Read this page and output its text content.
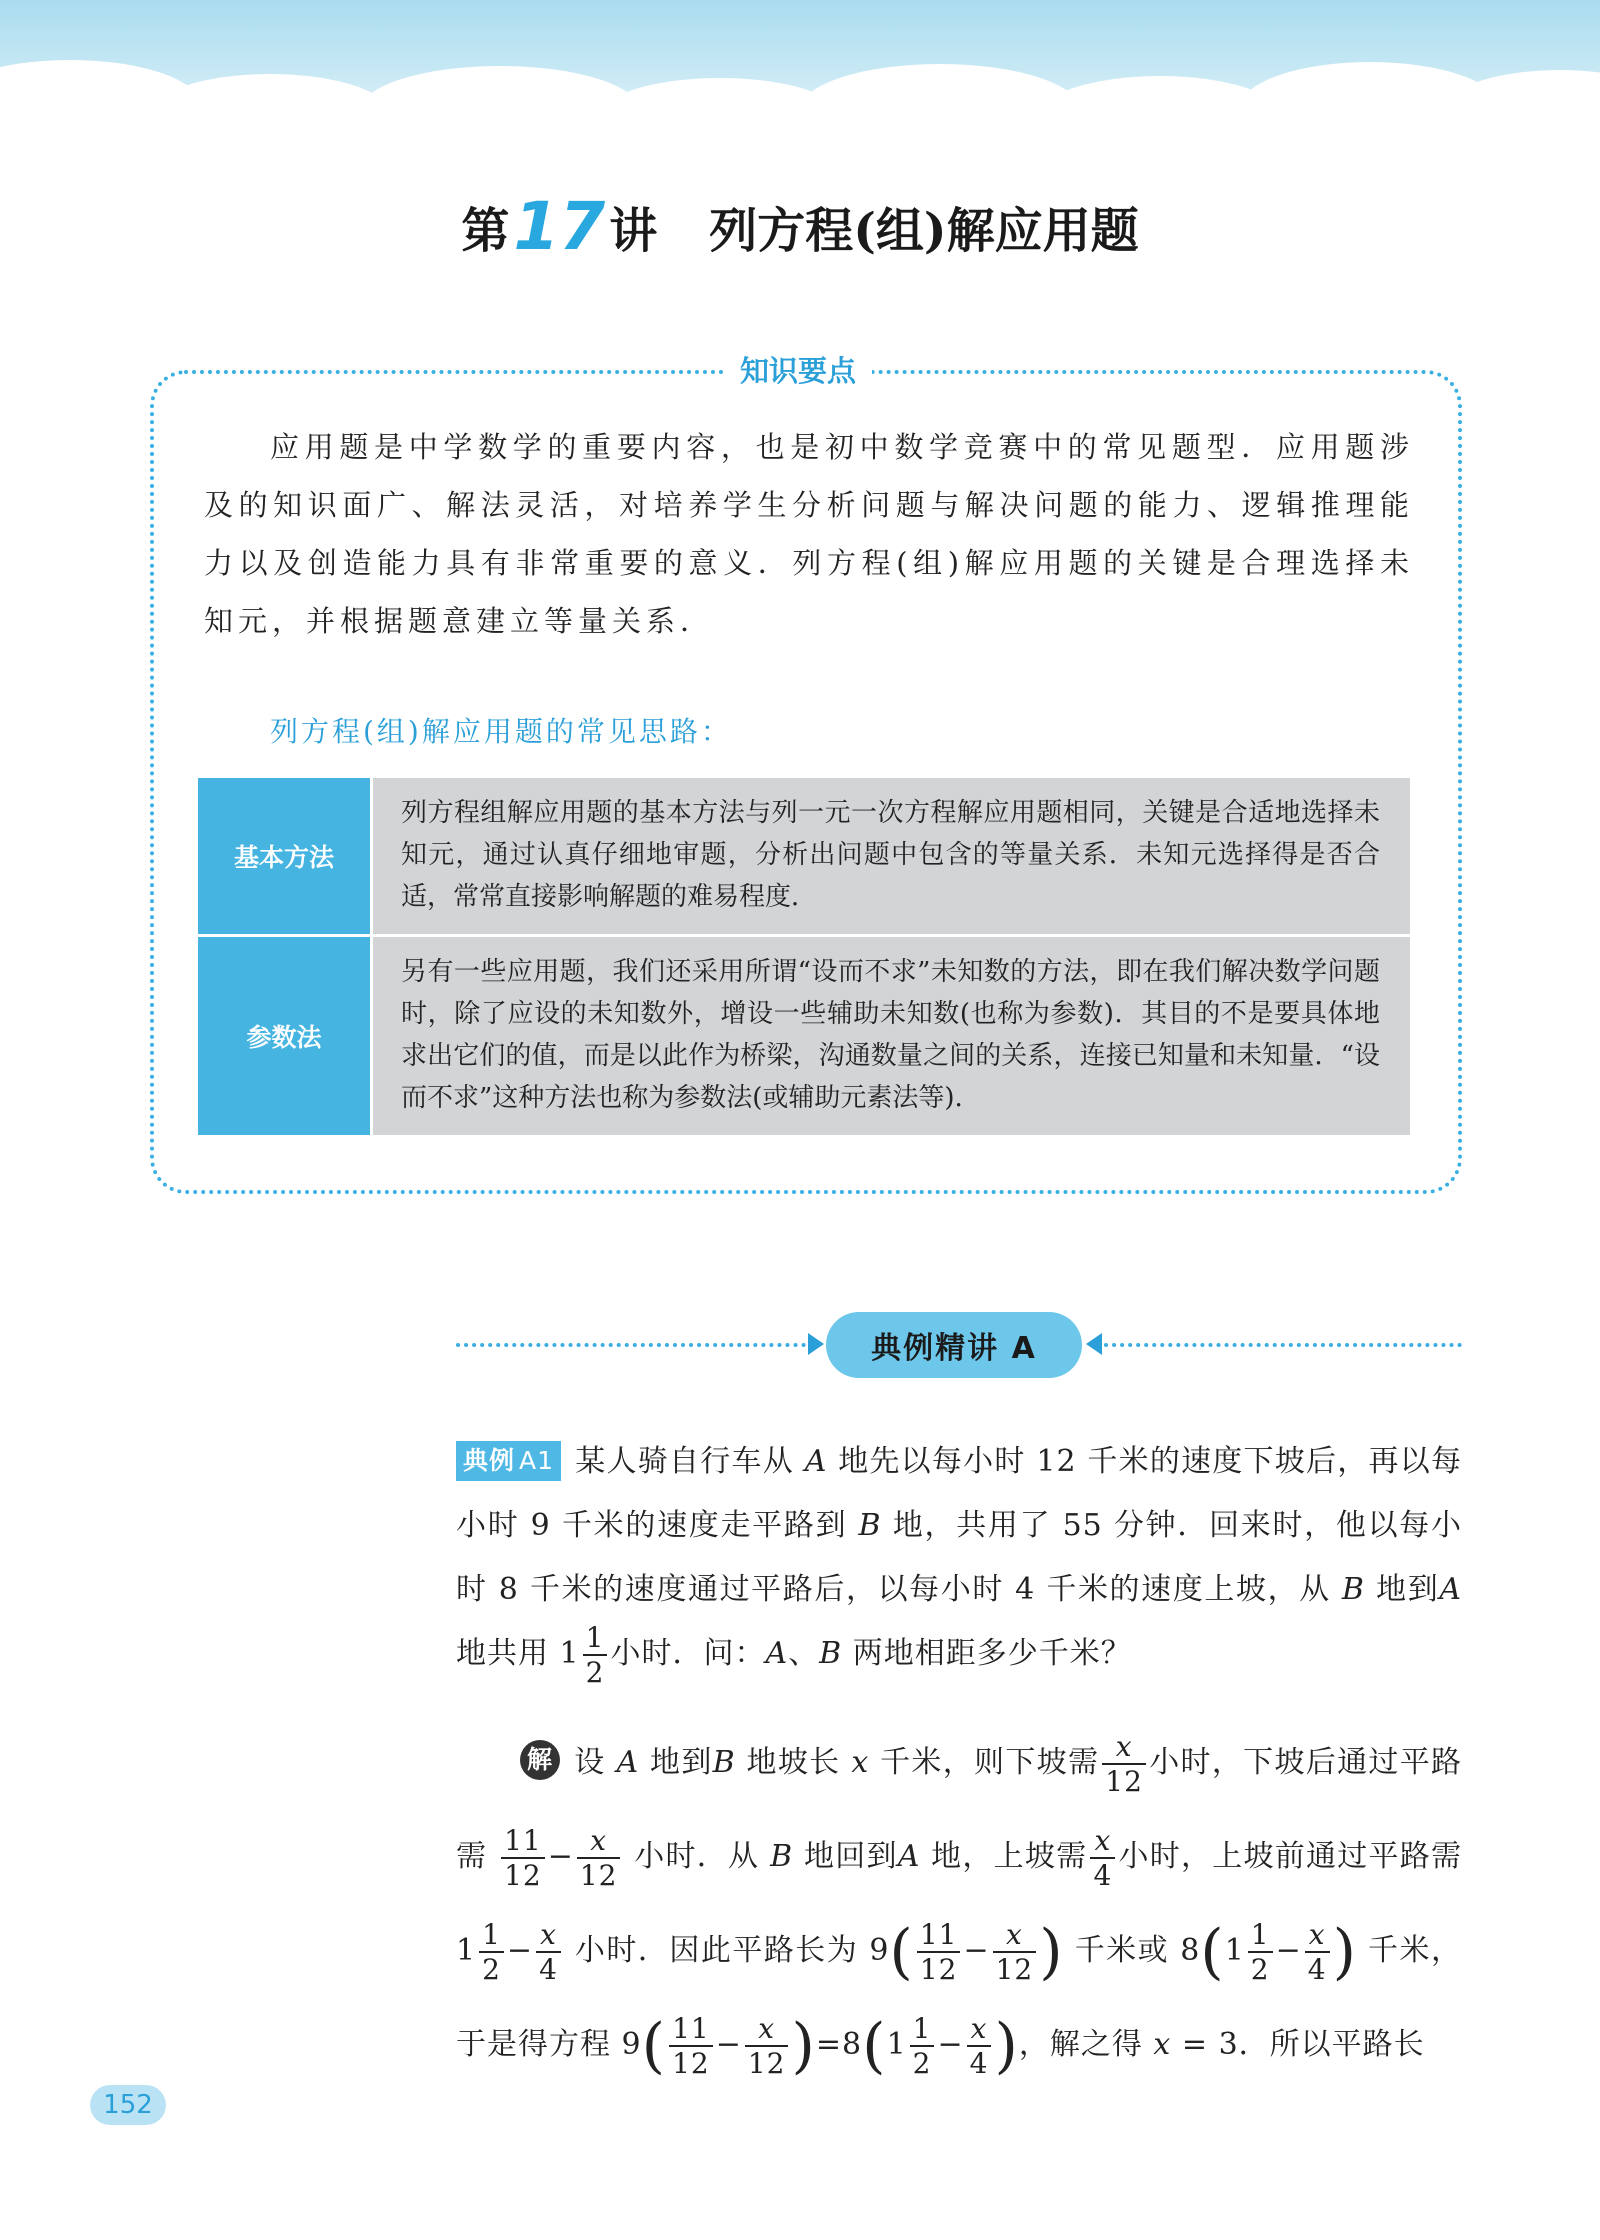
第17讲 列方程(组)解应用题
知识要点
应用题是中学数学的重要内容，也是初中数学竞赛中的常见题型．应用题涉及的知识面广、解法灵活，对培养学生分析问题与解决问题的能力、逻辑推理能力以及创造能力具有非常重要的意义．列方程(组)解应用题的关键是合理选择未知元，并根据题意建立等量关系．
列方程(组)解应用题的常见思路：
基本方法	列方程组解应用题的基本方法与列一元一次方程解应用题相同，关键是合适地选择未知元，通过认真仔细地审题，分析出问题中包含的等量关系．未知元选择得是否合适，常常直接影响解题的难易程度．
参数法	另有一些应用题，我们还采用所谓“设而不求”未知数的方法，即在我们解决数学问题时，除了应设的未知数外，增设一些辅助未知数(也称为参数)．其目的不是要具体地求出它们的值，而是以此作为桥梁，沟通数量之间的关系，连接已知量和未知量．“设而不求”这种方法也称为参数法(或辅助元素法等)．
典例精讲 A
典例 A1 某人骑自行车从 A 地先以每小时 12 千米的速度下坡后，再以每小时 9 千米的速度走平路到 B 地，共用了 55 分钟．回来时，他以每小时 8 千米的速度通过平路后，以每小时 4 千米的速度上坡，从 B 地到A 地共用 $1 \frac{1}{2}$ 小时．问：A、B 两地相距多少千米？
解 设 A 地到B 地坡长 x 千米，则下坡需 $\frac{x}{12}$ 小时，下坡后通过平路需 $\frac{11}{12} - \frac{x}{12}$ 小时．从 B 地回到A 地，上坡需 $\frac{x}{4}$ 小时，上坡前通过平路需 $1 \frac{1}{2} - \frac{x}{4}$ 小时．因此平路长为 $9( \frac{11}{12} - \frac{x}{12}$ ) 千米或 $8(1 \frac{1}{2} - \frac{x}{4}$ ) 千米，于是得方程 $9( \frac{11}{12} - \frac{x}{12} )=8(1 \frac{1}{2} - \frac{x}{4}$ )，解之得 x = 3．所以平路长
152
